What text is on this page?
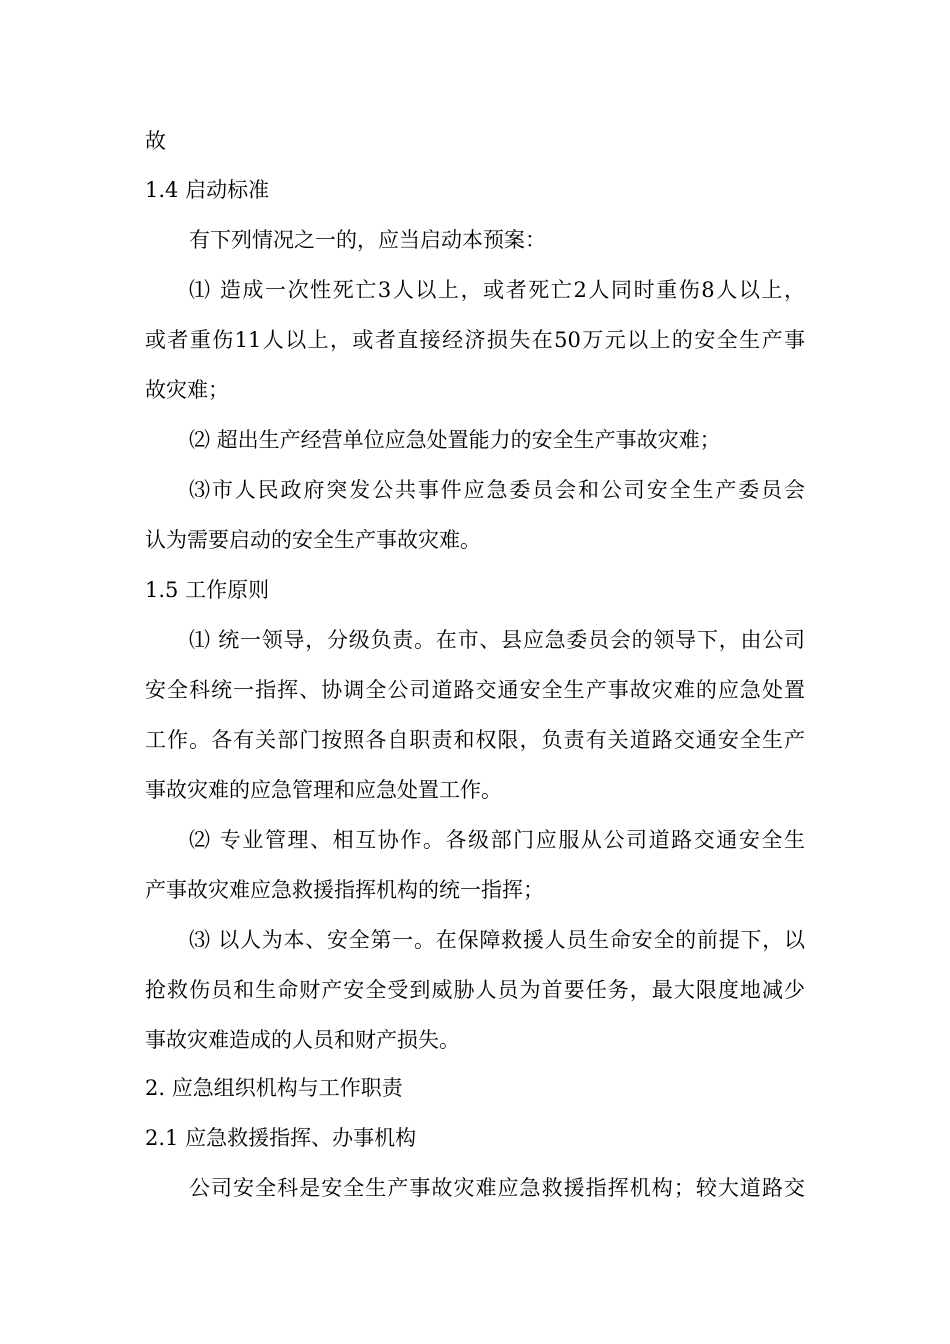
故
1.4 启动标准
有下列情况之一的，应当启动本预案：
⑴ 造成一次性死亡3人以上，或者死亡2人同时重伤8人以上，
或者重伤11人以上，或者直接经济损失在50万元以上的安全生产事
故灾难；
⑵ 超出生产经营单位应急处置能力的安全生产事故灾难；
⑶市人民政府突发公共事件应急委员会和公司安全生产委员会
认为需要启动的安全生产事故灾难。
1.5 工作原则
⑴ 统一领导，分级负责。在市、县应急委员会的领导下，由公司
安全科统一指挥、协调全公司道路交通安全生产事故灾难的应急处置
工作。各有关部门按照各自职责和权限，负责有关道路交通安全生产
事故灾难的应急管理和应急处置工作。
⑵ 专业管理、相互协作。各级部门应服从公司道路交通安全生
产事故灾难应急救援指挥机构的统一指挥；
⑶ 以人为本、安全第一。在保障救援人员生命安全的前提下，以
抢救伤员和生命财产安全受到威胁人员为首要任务，最大限度地减少
事故灾难造成的人员和财产损失。
2. 应急组织机构与工作职责
2.1 应急救援指挥、办事机构
公司安全科是安全生产事故灾难应急救援指挥机构；较大道路交
